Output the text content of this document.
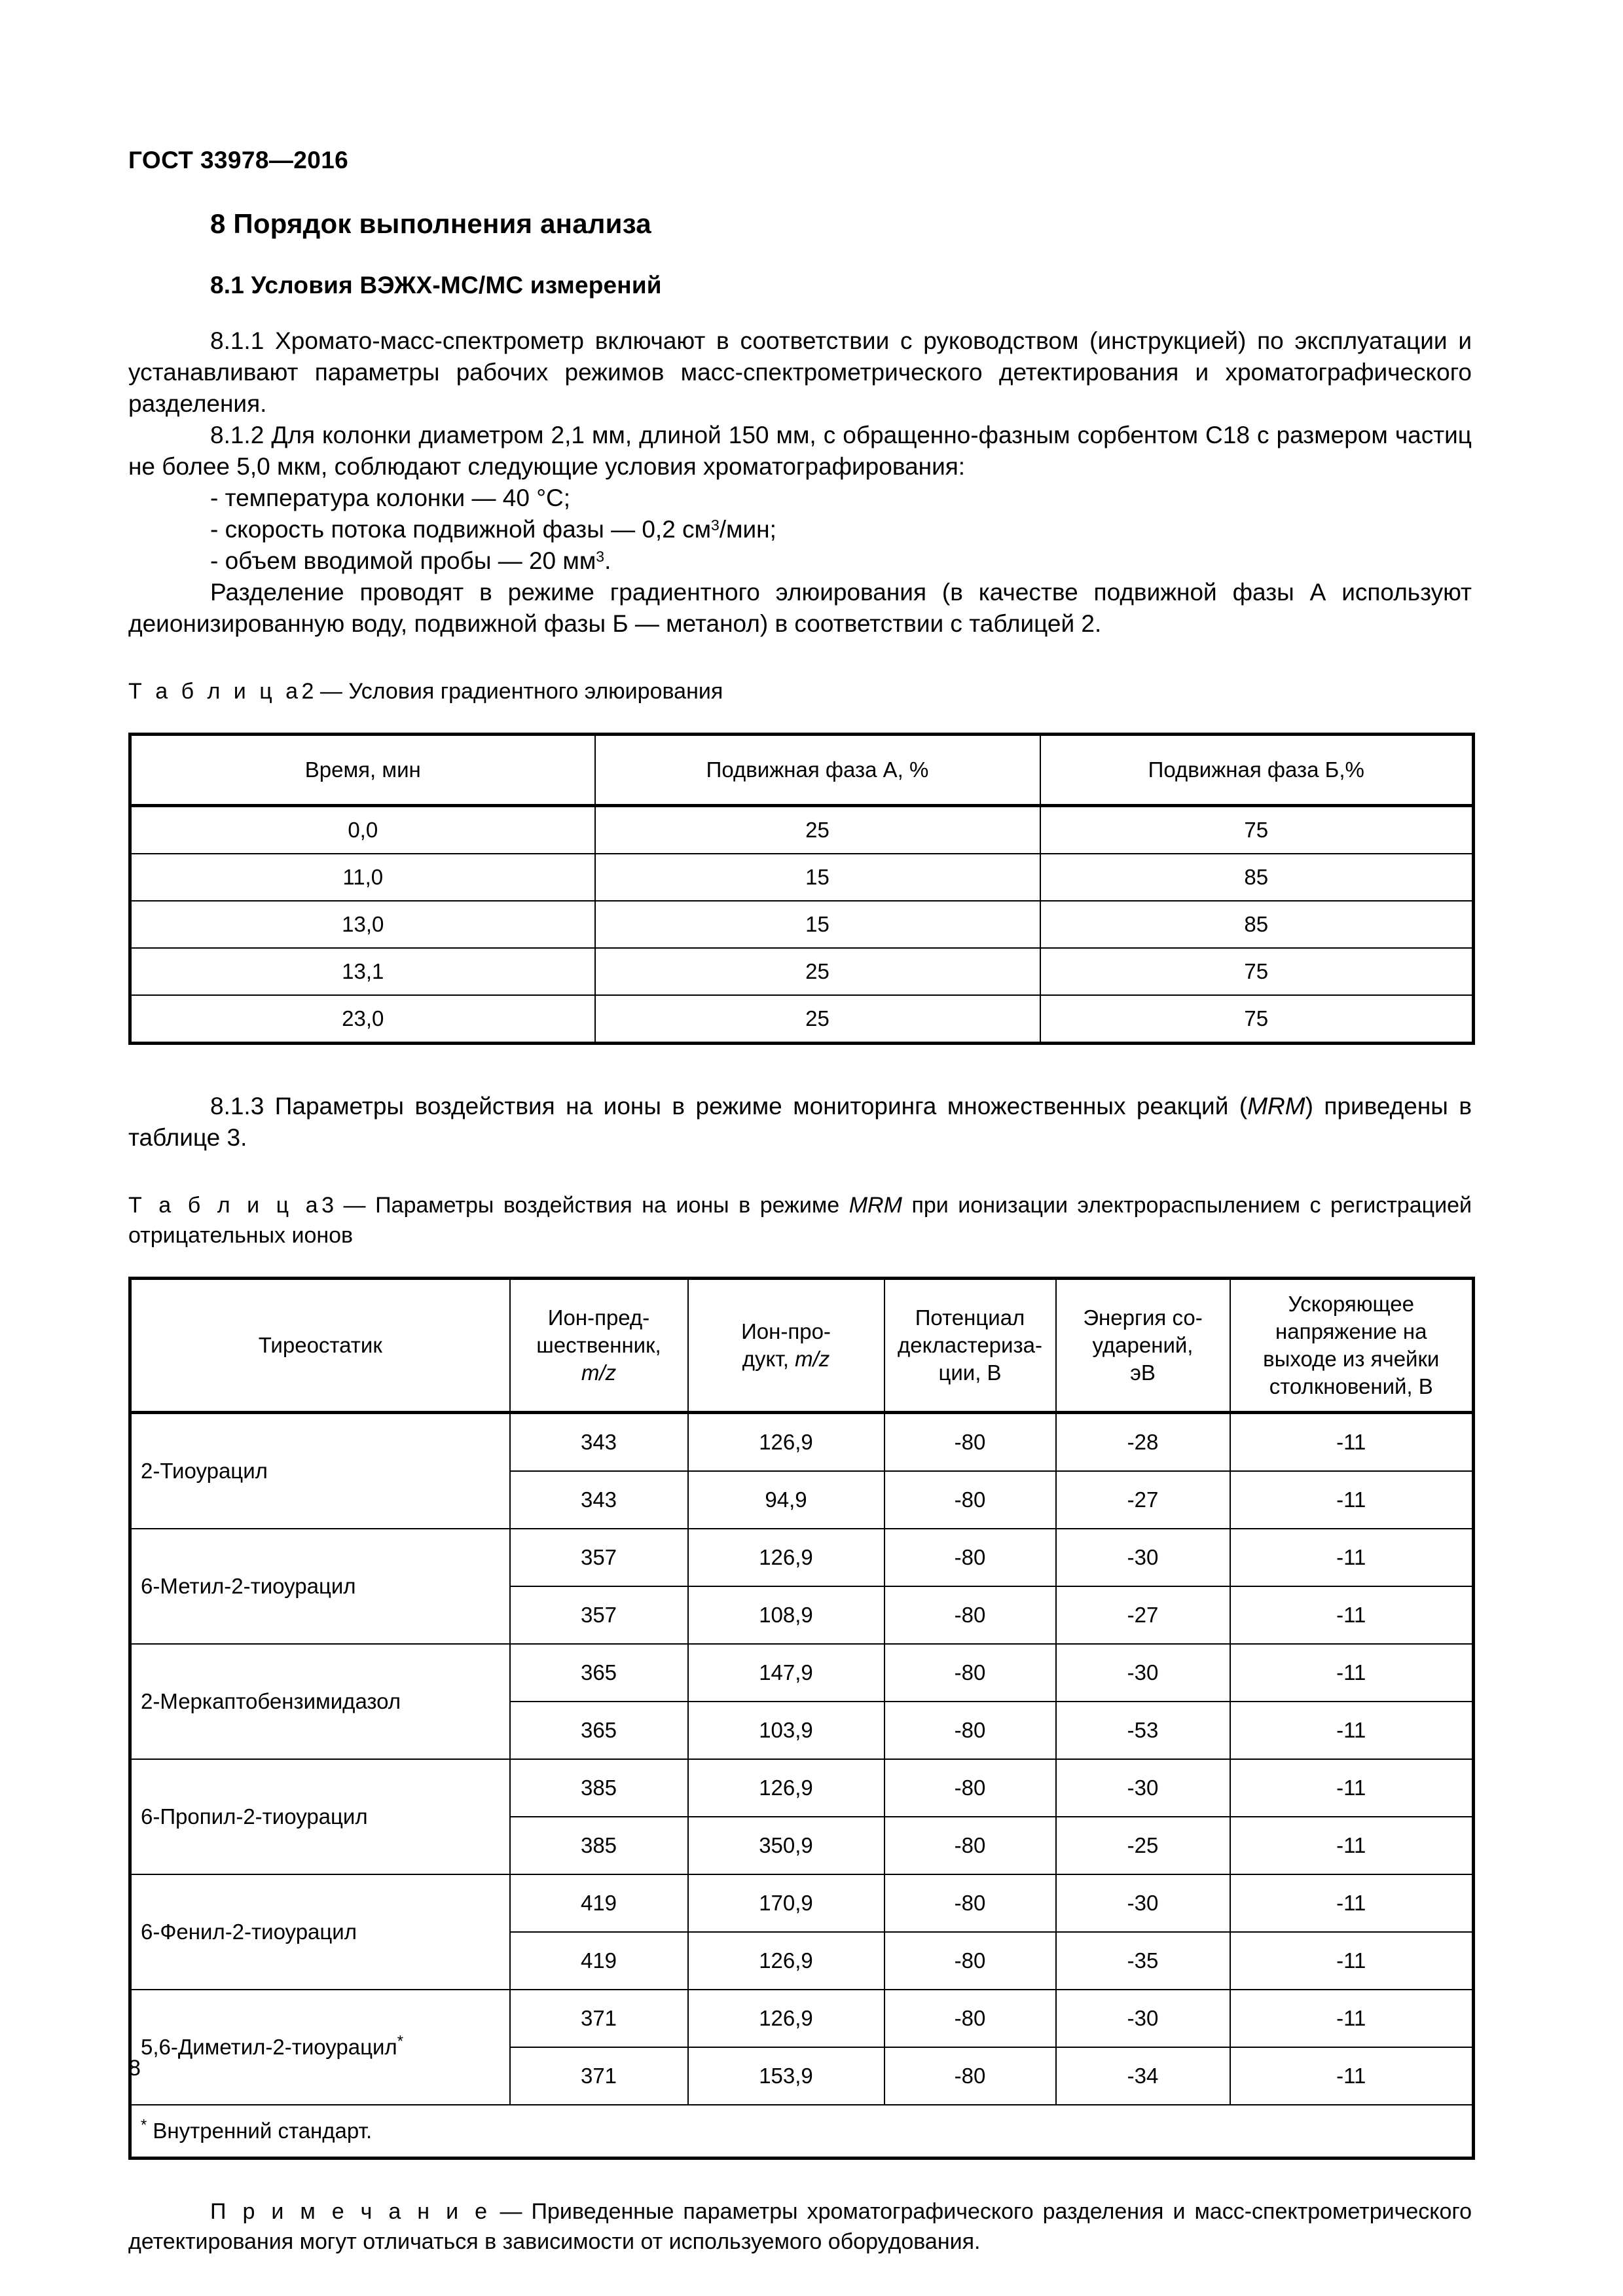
ГОСТ 33978—2016
8 Порядок выполнения анализа
8.1 Условия ВЭЖХ-МС/МС измерений

8.1.1 Хромато-масс-спектрометр включают в соответствии с руководством (инструкцией) по эксплуатации и устанавливают параметры рабочих режимов масс-спектрометрического детектирования и хроматографического разделения.

8.1.2 Для колонки диаметром 2,1 мм, длиной 150 мм, с обращенно-фазным сорбентом С18 с размером частиц не более 5,0 мкм, соблюдают следующие условия хроматографирования:

- температура колонки — 40 °С;
- скорость потока подвижной фазы — 0,2 $см^3$/мин;
- объем вводимой пробы — 20 $мм^3$.

Разделение проводят в режиме градиентного элюирования (в качестве подвижной фазы А используют деионизированную воду, подвижной фазы Б — метанол) в соответствии с таблицей 2.

Т а б л и ц а2 — Условия градиентного элюирования
Время, мин	Подвижная фаза А, %	Подвижная фаза Б,%
0,0	25	75
11,0	15	85
13,0	15	85
13,1	25	75
23,0	25	75

8.1.3 Параметры воздействия на ионы в режиме мониторинга множественных реакций (MRM) приведены в таблице 3.

Т а б л и ц а3 — Параметры воздействия на ионы в режиме MRM при ионизации электрораспылением с регистрацией отрицательных ионов
Тиреостатик	Ион-пред-
шественник,
m/z	Ион-про-
дукт, m/z	Потенциал
декластериза-
ции, В	Энергия со-
ударений,
эВ	Ускоряющее
напряжение на
выходе из ячейки
столкновений, В
2-Тиоурацил	343	126,9	-80	-28	-11
	343	94,9	-80	-27	-11
6-Метил-2-тиоурацил	357	126,9	-80	-30	-11
	357	108,9	-80	-27	-11
2-Меркаптобензимидазол	365	147,9	-80	-30	-11
	365	103,9	-80	-53	-11
6-Пропил-2-тиоурацил	385	126,9	-80	-30	-11
	385	350,9	-80	-25	-11
6-Фенил-2-тиоурацил	419	170,9	-80	-30	-11
	419	126,9	-80	-35	-11
5,6-Диметил-2-тиоурацил*	371	126,9	-80	-30	-11
	371	153,9	-80	-34	-11
* Внутренний стандарт.					
П р и м е ч а н и е — Приведенные параметры хроматографического разделения и масс-спектрометрического детектирования могут отличаться в зависимости от используемого оборудования.
8
